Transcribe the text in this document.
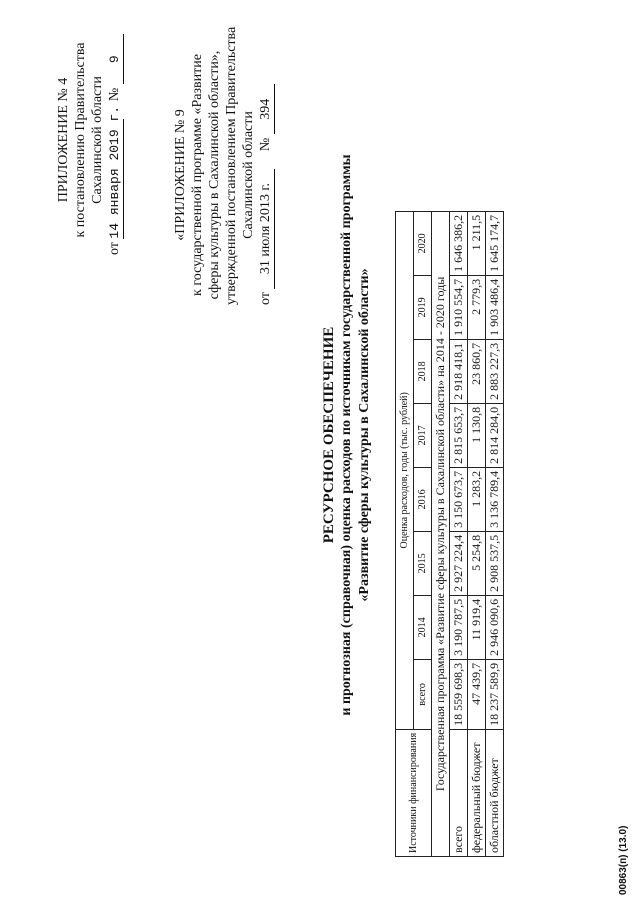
ПРИЛОЖЕНИЕ № 4 к постановлению Правительства Сахалинской области
от 14 января 2019 г.     № 9
«ПРИЛОЖЕНИЕ № 9 к государственной программе «Развитие сферы культуры в Сахалинской области», утвержденной постановлением Правительства Сахалинской области
от 31 июля 2013 г.     № 394
РЕСУРСНОЕ ОБЕСПЕЧЕНИЕ и прогнозная (справочная) оценка расходов по источникам государственной программы «Развитие сферы культуры в Сахалинской области»
Источники финансирования	Оценка расходов, годы (тыс. рублей)							
	всего	2014	2015	2016	2017	2018	2019	2020
Государственная программа «Развитие сферы культуры в Сахалинской области» на 2014 - 2020 годы								
всего	18 559 698,3	3 190 787,5	2 927 224,4	3 150 673,7	2 815 653,7	2 918 418,1	1 910 554,7	1 646 386,2
федеральный бюджет	47 439,7	11 919,4	5 254,8	1 283,2	1 130,8	23 860,7	2 779,3	1 211,5
областной бюджет	18 237 589,9	2 946 090,6	2 908 537,5	3 136 789,4	2 814 284,0	2 883 227,3	1 903 486,4	1 645 174,7
00863(п) (13.0)
